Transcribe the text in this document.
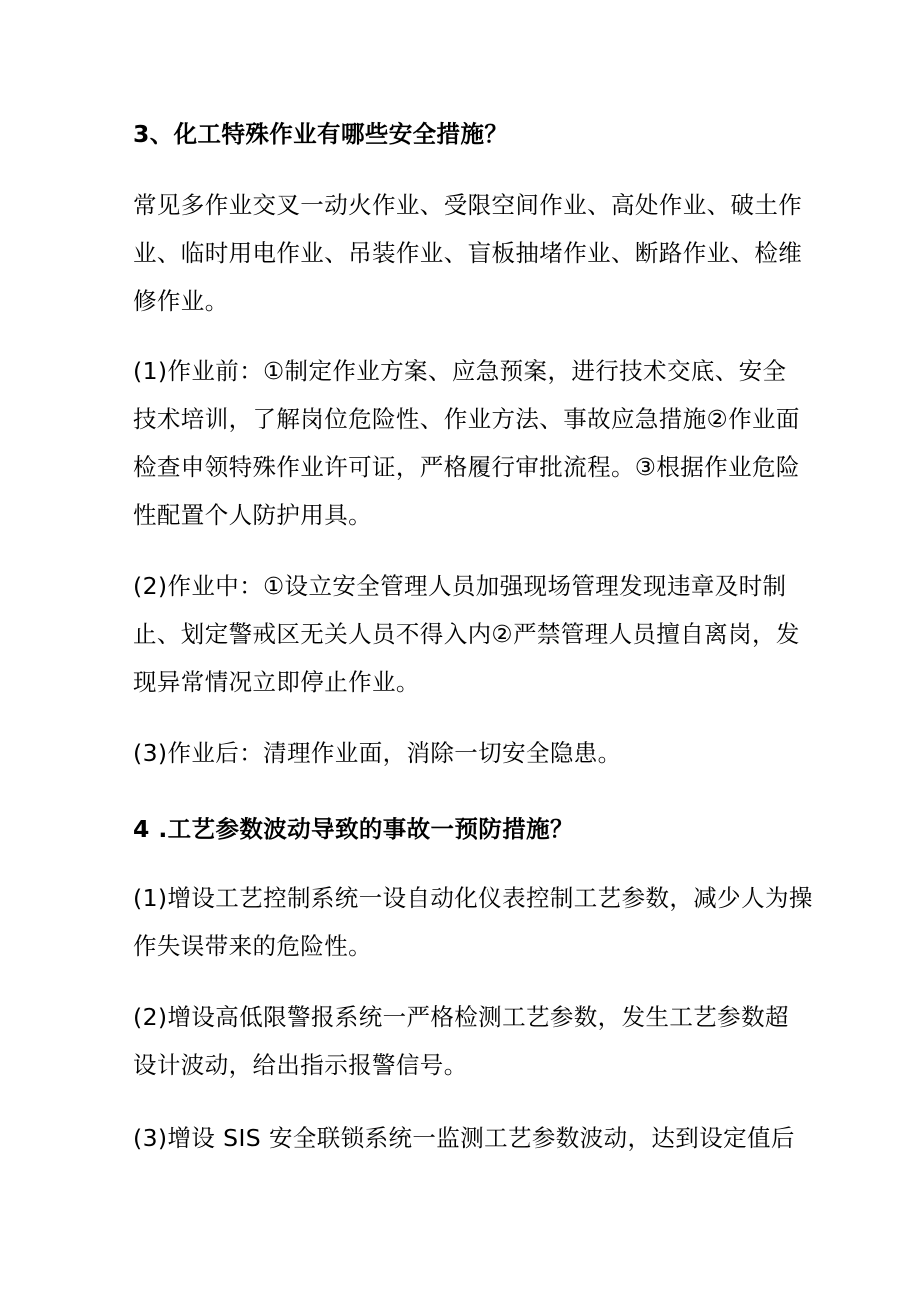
3、化工特殊作业有哪些安全措施？

常见多作业交叉一动火作业、受限空间作业、高处作业、破土作

业、临时用电作业、吊装作业、盲板抽堵作业、断路作业、检维

修作业。

(1)作业前：①制定作业方案、应急预案，进行技术交底、安全

技术培训，了解岗位危险性、作业方法、事故应急措施②作业面

检查申领特殊作业许可证，严格履行审批流程。③根据作业危险

性配置个人防护用具。

(2)作业中：①设立安全管理人员加强现场管理发现违章及时制

止、划定警戒区无关人员不得入内②严禁管理人员擅自离岗，发

现异常情况立即停止作业。

(3)作业后：清理作业面，消除一切安全隐患。

4 .工艺参数波动导致的事故一预防措施？

(1)增设工艺控制系统一设自动化仪表控制工艺参数，减少人为操

作失误带来的危险性。

(2)增设高低限警报系统一严格检测工艺参数，发生工艺参数超

设计波动，给出指示报警信号。

(3)增设 SIS 安全联锁系统一监测工艺参数波动，达到设定值后
